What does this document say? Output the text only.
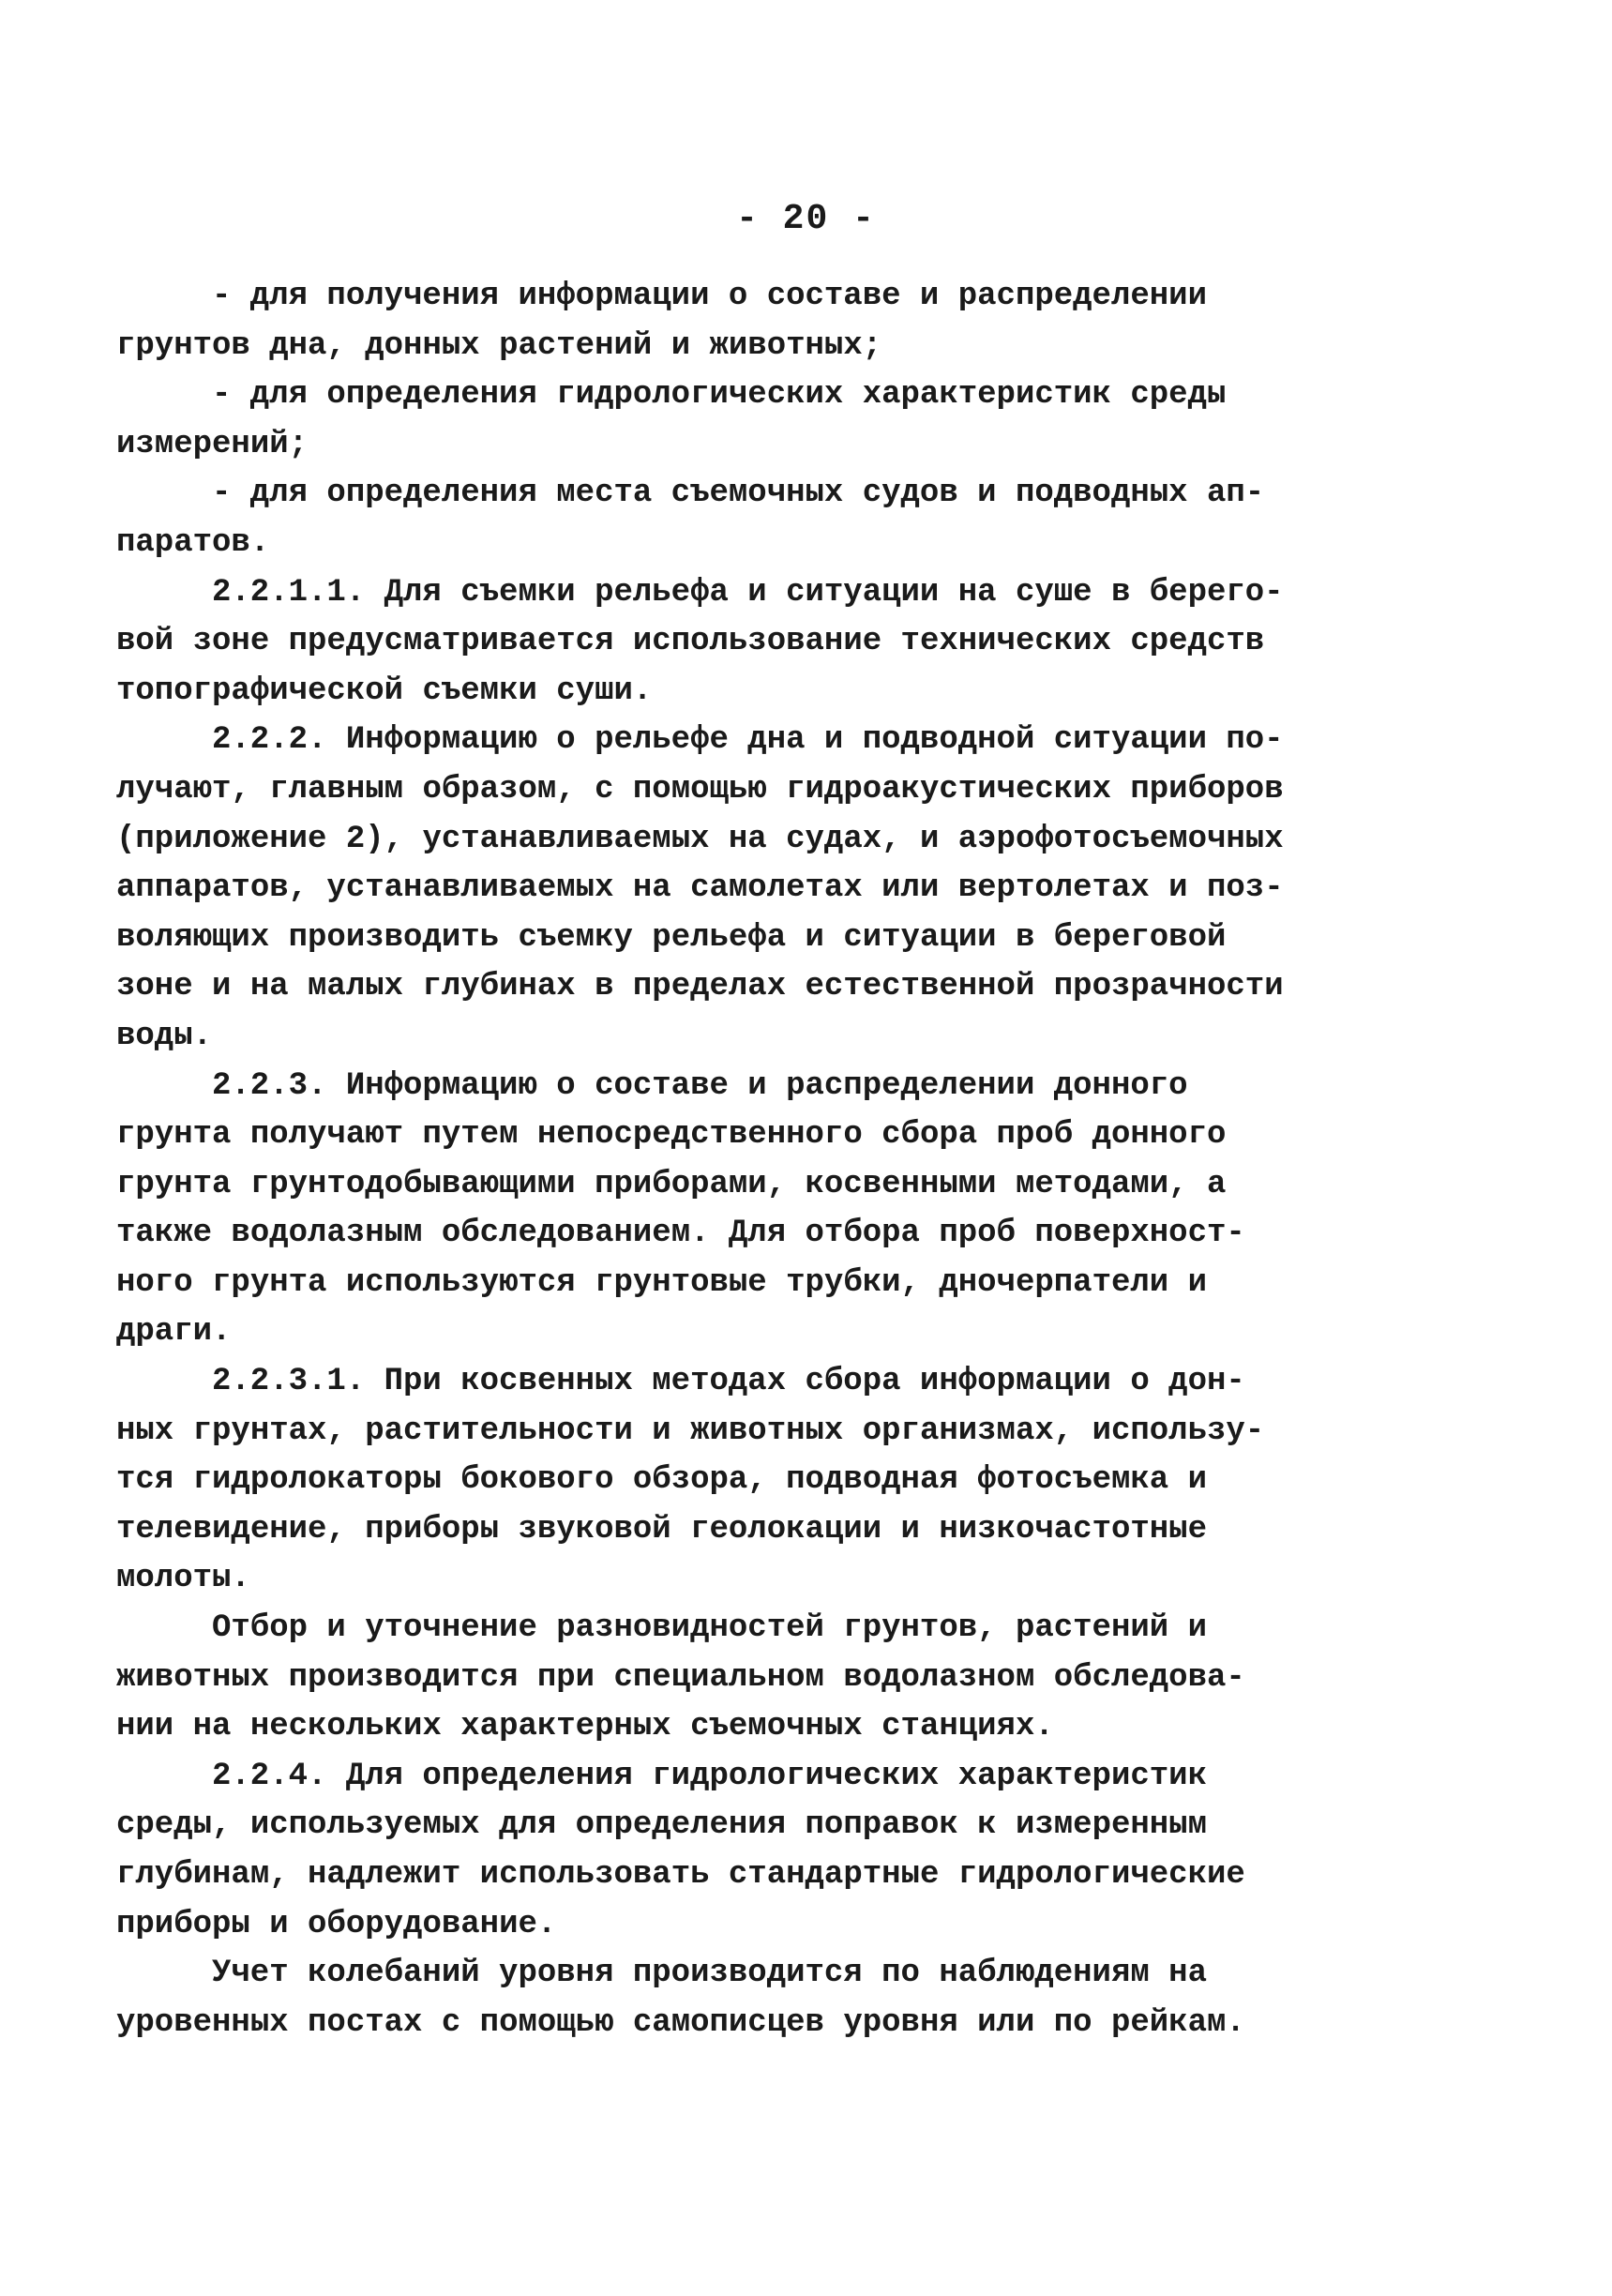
- 20 -
- для получения информации о составе и распределении
грунтов дна, донных растений и животных;
- для определения гидрологических характеристик среды
измерений;
- для определения места съемочных судов и подводных ап-
паратов.
2.2.1.1. Для съемки рельефа и ситуации на суше в берего-
вой зоне предусматривается использование технических средств
топографической съемки суши.
2.2.2. Информацию о рельефе дна и подводной ситуации по-
лучают, главным образом, с помощью гидроакустических приборов
(приложение 2), устанавливаемых на судах, и аэрофотосъемочных
аппаратов, устанавливаемых на самолетах или вертолетах и поз-
воляющих производить съемку рельефа и ситуации в береговой
зоне и на малых глубинах в пределах естественной прозрачности
воды.
2.2.3. Информацию о составе и распределении донного
грунта получают путем непосредственного сбора проб донного
грунта грунтодобывающими приборами, косвенными методами, а
также водолазным обследованием. Для отбора проб поверхност-
ного грунта используются грунтовые трубки, дночерпатели и
драги.
2.2.3.1. При косвенных методах сбора информации о дон-
ных грунтах, растительности и животных организмах, использу-
тся гидролокаторы бокового обзора, подводная фотосъемка и
телевидение, приборы звуковой геолокации и низкочастотные
молоты.
Отбор и уточнение разновидностей грунтов, растений и
животных производится при специальном водолазном обследова-
нии на нескольких характерных съемочных станциях.
2.2.4. Для определения гидрологических характеристик
среды, используемых для определения поправок к измеренным
глубинам, надлежит использовать стандартные гидрологические
приборы и оборудование.
Учет колебаний уровня производится по наблюдениям на
уровенных постах с помощью самописцев уровня или по рейкам.
